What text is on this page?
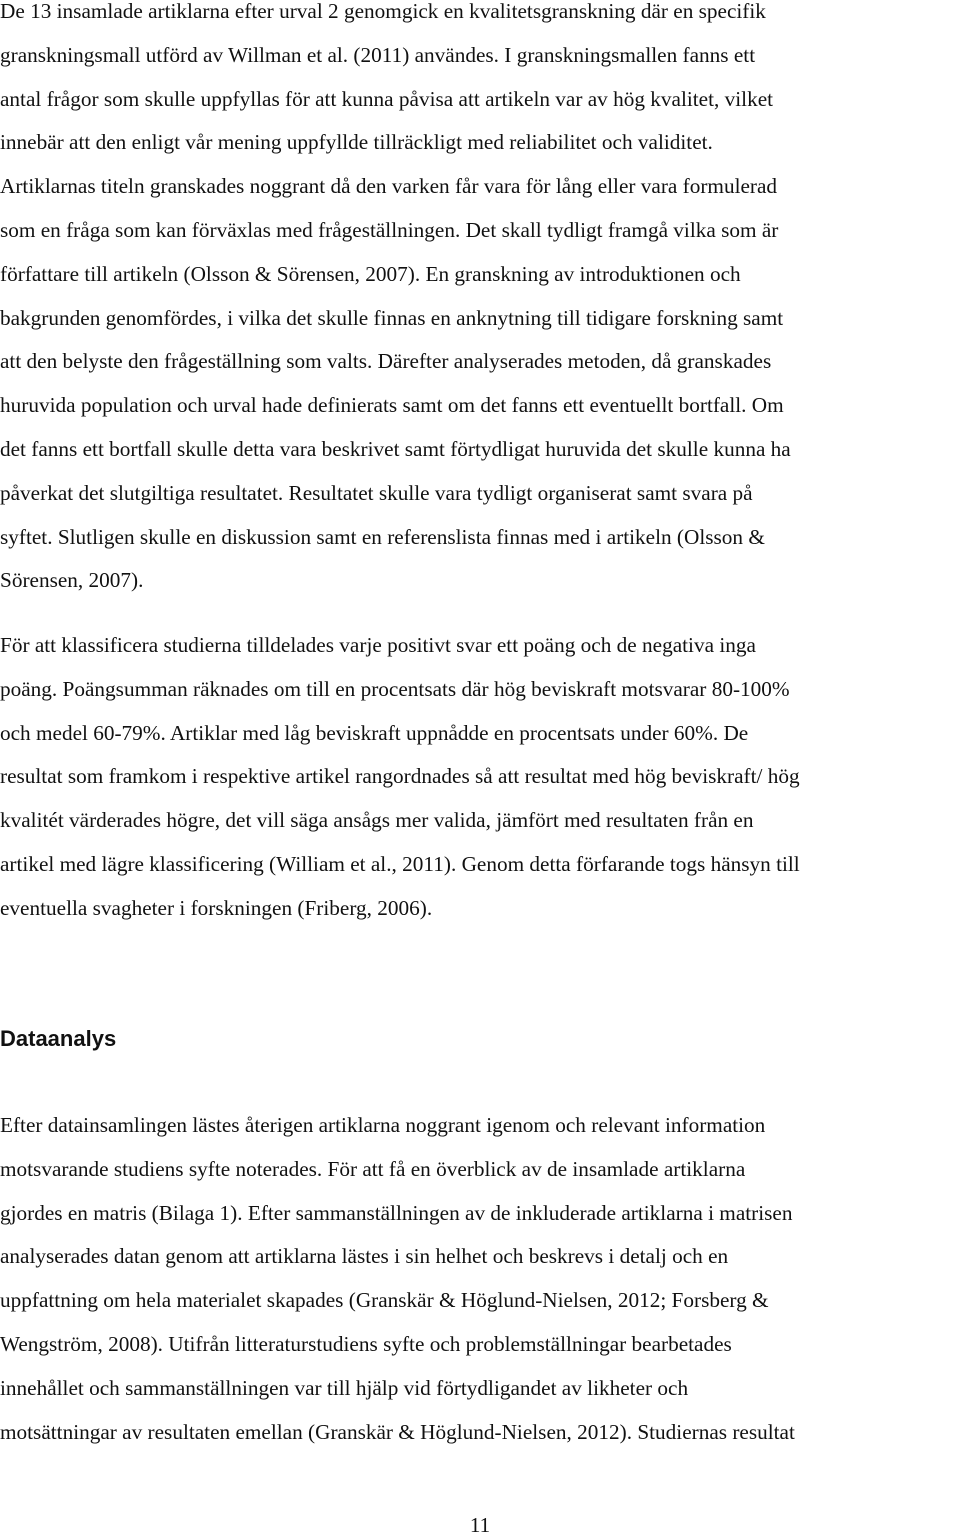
De 13 insamlade artiklarna efter urval 2 genomgick en kvalitetsgranskning där en specifik
granskningsmall utförd av Willman et al. (2011) användes. I granskningsmallen fanns ett
antal frågor som skulle uppfyllas för att kunna påvisa att artikeln var av hög kvalitet, vilket
innebär att den enligt vår mening uppfyllde tillräckligt med reliabilitet och validitet.
Artiklarnas titeln granskades noggrant då den varken får vara för lång eller vara formulerad
som en fråga som kan förväxlas med frågeställningen. Det skall tydligt framgå vilka som är
författare till artikeln (Olsson & Sörensen, 2007). En granskning av introduktionen och
bakgrunden genomfördes, i vilka det skulle finnas en anknytning till tidigare forskning samt
att den belyste den frågeställning som valts. Därefter analyserades metoden, då granskades
huruvida population och urval hade definierats samt om det fanns ett eventuellt bortfall. Om
det fanns ett bortfall skulle detta vara beskrivet samt förtydligat huruvida det skulle kunna ha
påverkat det slutgiltiga resultatet. Resultatet skulle vara tydligt organiserat samt svara på
syftet. Slutligen skulle en diskussion samt en referenslista finnas med i artikeln (Olsson &
Sörensen, 2007).

För att klassificera studierna tilldelades varje positivt svar ett poäng och de negativa inga
poäng. Poängsumman räknades om till en procentsats där hög beviskraft motsvarar 80-100%
och medel 60-79%. Artiklar med låg beviskraft uppnådde en procentsats under 60%. De
resultat som framkom i respektive artikel rangordnades så att resultat med hög beviskraft/ hög
kvalitét värderades högre, det vill säga ansågs mer valida, jämfört med resultaten från en
artikel med lägre klassificering (William et al., 2011). Genom detta förfarande togs hänsyn till
eventuella svagheter i forskningen (Friberg, 2006).

Dataanalys

Efter datainsamlingen lästes återigen artiklarna noggrant igenom och relevant information
motsvarande studiens syfte noterades. För att få en överblick av de insamlade artiklarna
gjordes en matris (Bilaga 1). Efter sammanställningen av de inkluderade artiklarna i matrisen
analyserades datan genom att artiklarna lästes i sin helhet och beskrevs i detalj och en
uppfattning om hela materialet skapades (Granskär & Höglund-Nielsen, 2012; Forsberg &
Wengström, 2008). Utifrån litteraturstudiens syfte och problemställningar bearbetades
innehållet och sammanställningen var till hjälp vid förtydligandet av likheter och
motsättningar av resultaten emellan (Granskär & Höglund-Nielsen, 2012). Studiernas resultat

11
